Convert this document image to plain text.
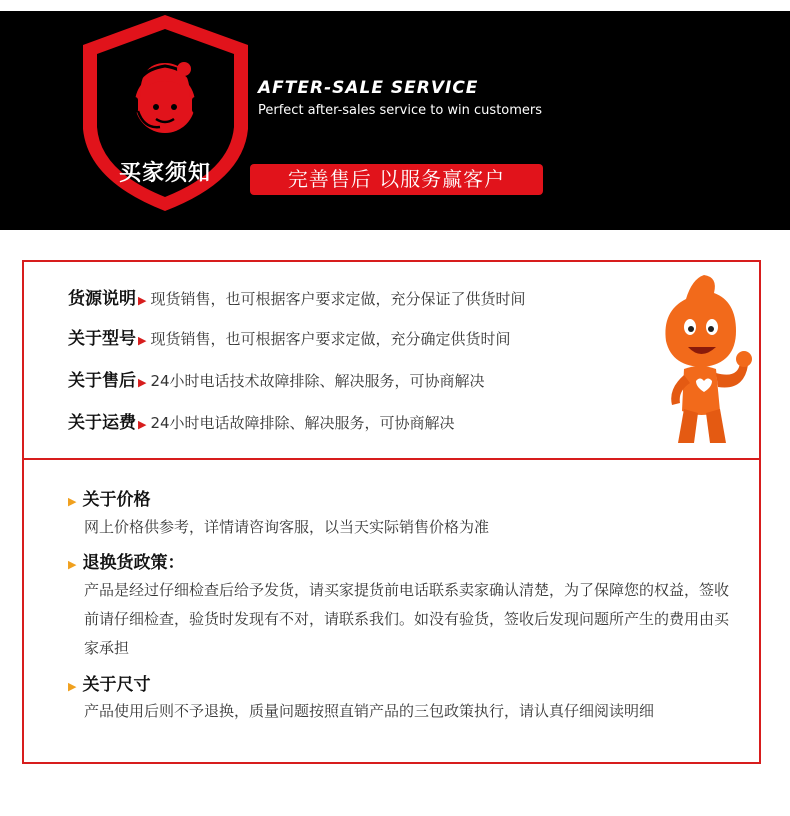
买家须知
AFTER-SALE SERVICE
Perfect after-sales service to win customers
完善售后 以服务赢客户
货源说明 ▶ 现货销售，也可根据客户要求定做，充分保证了供货时间
关于型号 ▶ 现货销售，也可根据客户要求定做，充分确定供货时间
关于售后 ▶ 24小时电话技术故障排除、解决服务，可协商解决
关于运费 ▶ 24小时电话故障排除、解决服务，可协商解决
▶ 关于价格
网上价格供参考，详情请咨询客服，以当天实际销售价格为准
▶ 退换货政策：
产品是经过仔细检查后给予发货，请买家提货前电话联系卖家确认清楚，为了保障您的权益，签收前请仔细检查，验货时发现有不对，请联系我们。如没有验货，签收后发现问题所产生的费用由买家承担
▶ 关于尺寸
产品使用后则不予退换，质量问题按照直销产品的三包政策执行，请认真仔细阅读明细
